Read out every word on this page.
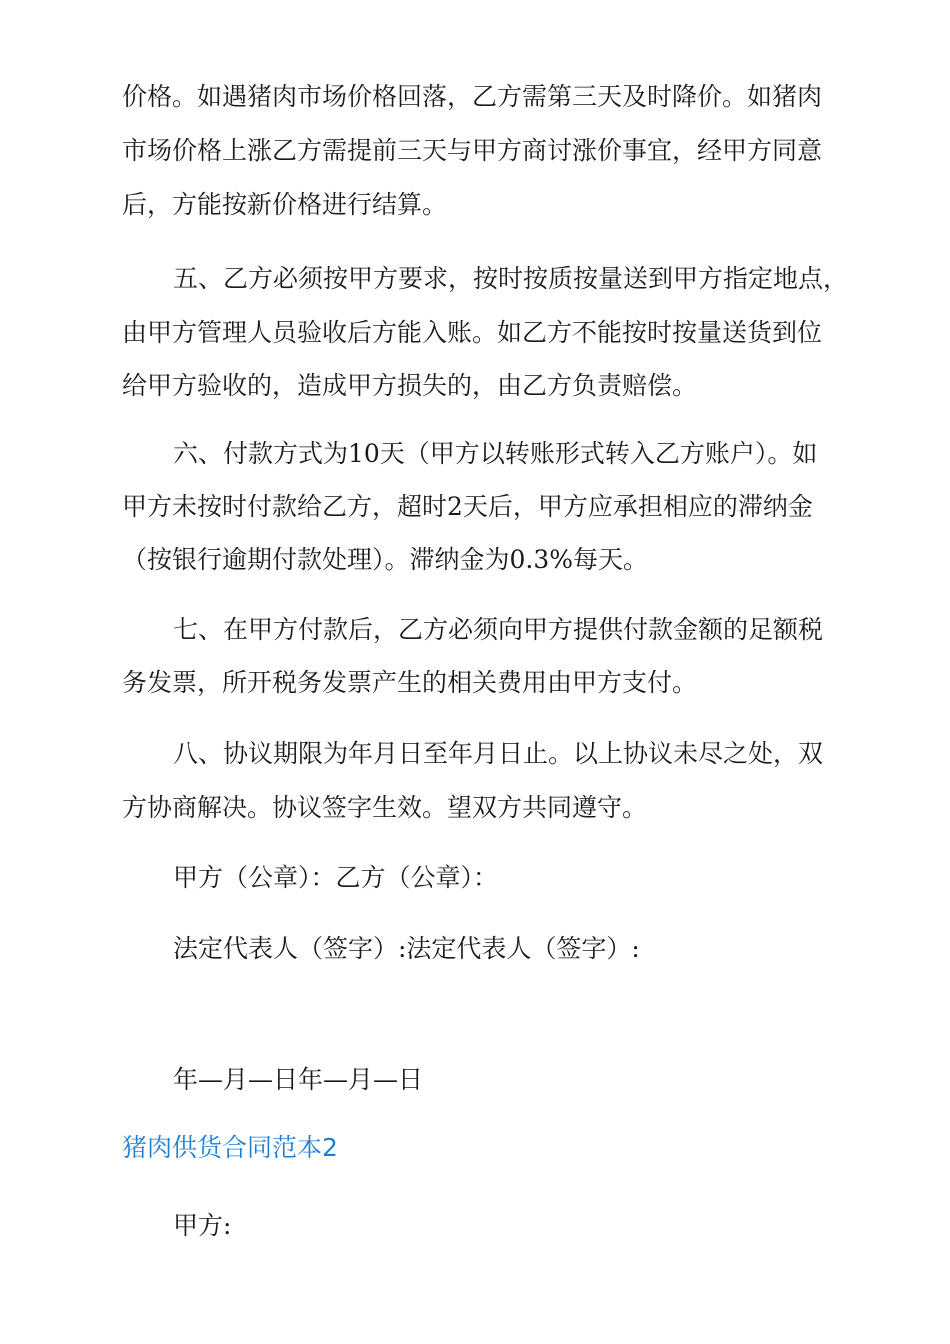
价格。如遇猪肉市场价格回落，乙方需第三天及时降价。如猪肉
市场价格上涨乙方需提前三天与甲方商讨涨价事宜，经甲方同意
后，方能按新价格进行结算。
五、乙方必须按甲方要求，按时按质按量送到甲方指定地点，
由甲方管理人员验收后方能入账。如乙方不能按时按量送货到位
给甲方验收的，造成甲方损失的，由乙方负责赔偿。
六、付款方式为10天（甲方以转账形式转入乙方账户）。如
甲方未按时付款给乙方，超时2天后，甲方应承担相应的滞纳金
（按银行逾期付款处理）。滞纳金为0.3%每天。
七、在甲方付款后，乙方必须向甲方提供付款金额的足额税
务发票，所开税务发票产生的相关费用由甲方支付。
八、协议期限为年月日至年月日止。以上协议未尽之处，双
方协商解决。协议签字生效。望双方共同遵守。
甲方（公章）：乙方（公章）：
法定代表人（签字）:法定代表人（签字）:
年—月—日年—月—日
猪肉供货合同范本2
甲方:
